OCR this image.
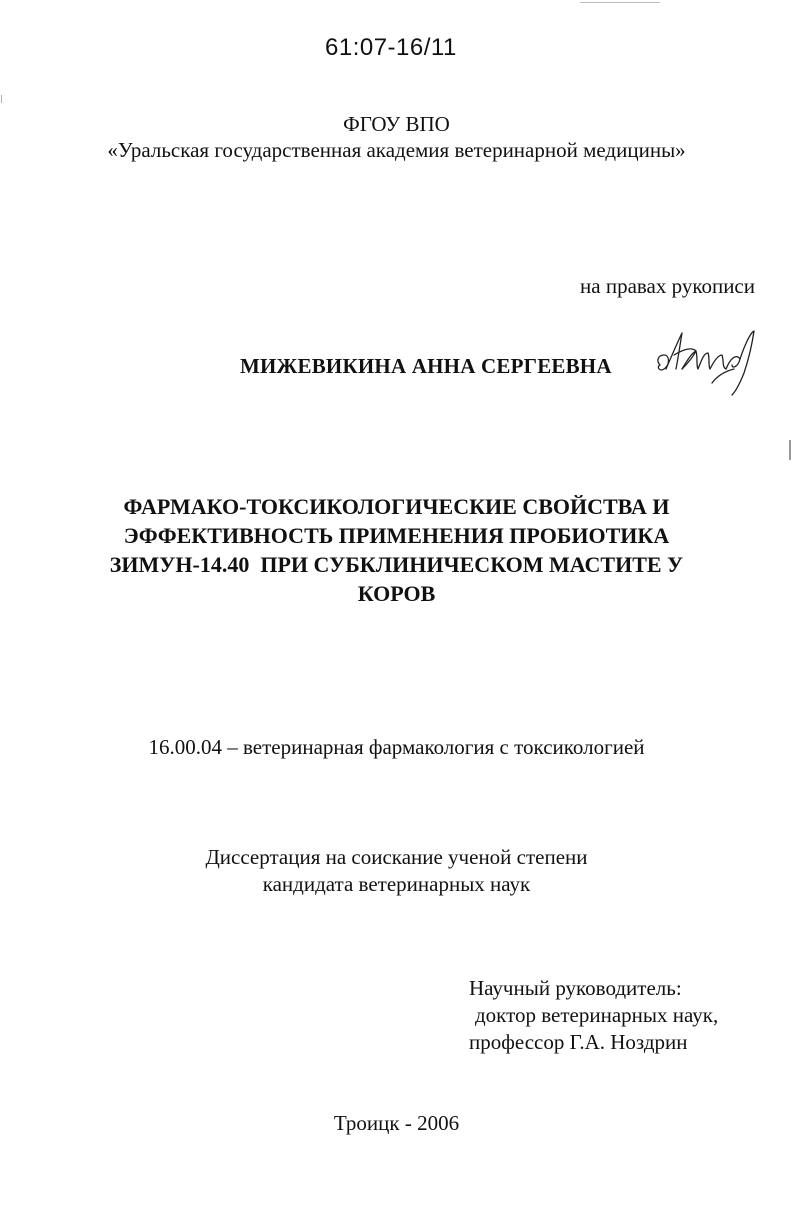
61:07-16/11
ФГОУ ВПО
«Уральская государственная академия ветеринарной медицины»
на правах рукописи
МИЖЕВИКИНА АННА СЕРГЕЕВНА
ФАРМАКО-ТОКСИКОЛОГИЧЕСКИЕ СВОЙСТВА И
ЭФФЕКТИВНОСТЬ ПРИМЕНЕНИЯ ПРОБИОТИКА
ЗИМУН-14.40  ПРИ СУБКЛИНИЧЕСКОМ МАСТИТЕ У
КОРОВ
16.00.04 – ветеринарная фармакология с токсикологией
Диссертация на соискание ученой степени
кандидата ветеринарных наук
Научный руководитель:
доктор ветеринарных наук,
профессор Г.А. Ноздрин
Троицк - 2006
